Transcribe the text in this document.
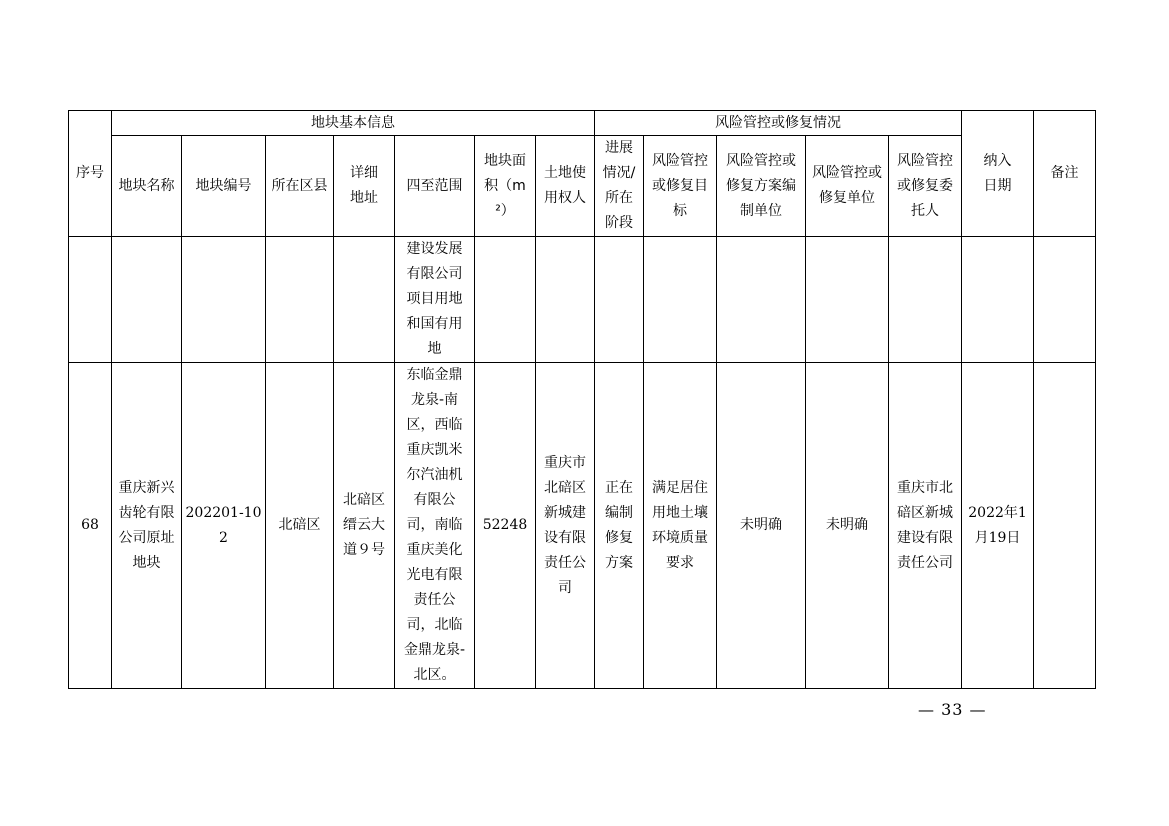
序号	地块基本信息							风险管控或修复情况					纳入日期	备注
	地块名称	地块编号	所在区县	详细地址	四至范围	地块面积（m²）	土地使用权人	进展情况/所在阶段	风险管控或修复目标	风险管控或修复方案编制单位	风险管控或修复单位	风险管控或修复委托人		
					建设发展有限公司项目用地和国有用地									
68	重庆新兴齿轮有限公司原址地块	202201-102	北碚区	北碚区缙云大道９号	东临金鼎龙泉-南区，西临重庆凯米尔汽油机有限公司，南临重庆美化光电有限责任公司，北临金鼎龙泉-北区。	52248	重庆市北碚区新城建设有限责任公司	正在编制修复方案	满足居住用地土壤环境质量要求	未明确	未明确	重庆市北碚区新城建设有限责任公司	2022年1月19日	
— 33 —
